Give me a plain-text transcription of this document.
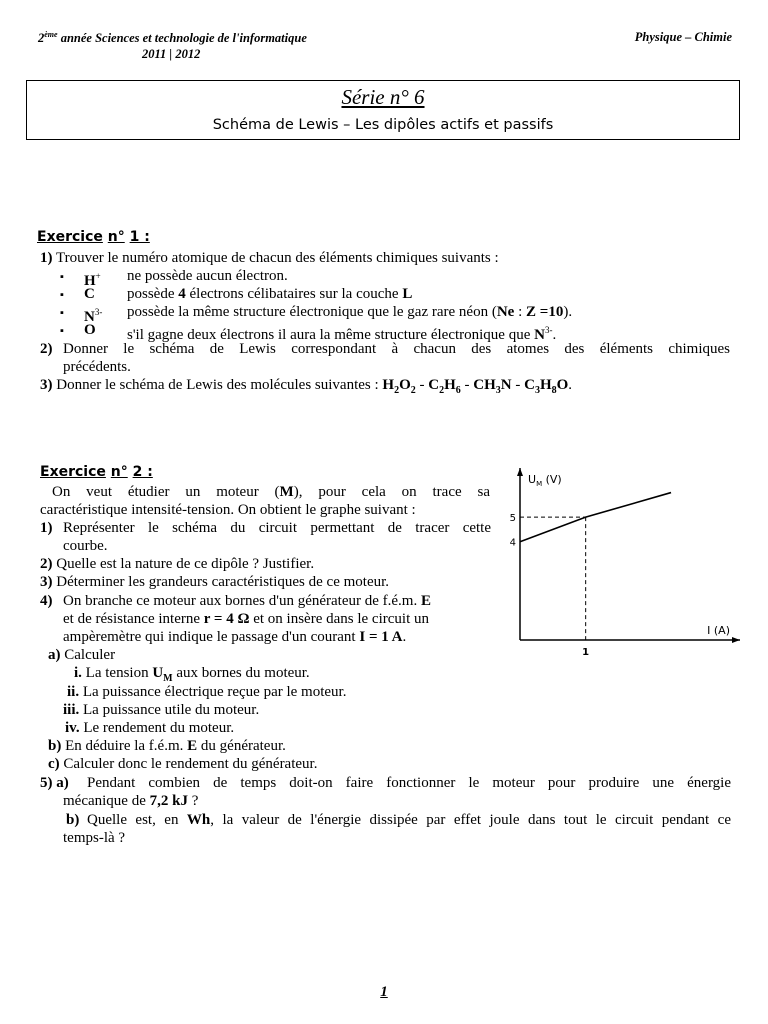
2ème année Sciences et technologie de l'informatique
2011 | 2012
Physique – Chimie
Série n° 6
Schéma de Lewis – Les dipôles actifs et passifs
Exercice n° 1 :
1) Trouver le numéro atomique de chacun des éléments chimiques suivants :
▪ H+ ne possède aucun électron.
▪ C possède 4 électrons célibataires sur la couche L
▪ $N^{3-}$ possède la même structure électronique que le gaz rare néon (Ne : Z =10).
▪ O s'il gagne deux électrons il aura la même structure électronique que $N^{3-}$.
2) Donner le schéma de Lewis correspondant à chacun des atomes des éléments chimiques
précédents.
3) Donner le schéma de Lewis des molécules suivantes : $H_2O_2 - C_2H_6 - CH_3N - C_3H_8O$.
Exercice n° 2 :
On veut étudier un moteur (M), pour cela on trace sa
caractéristique intensité-tension. On obtient le graphe suivant :
1) Représenter le schéma du circuit permettant de tracer cette
courbe.
2) Quelle est la nature de ce dipôle ? Justifier.
3) Déterminer les grandeurs caractéristiques de ce moteur.
4) On branche ce moteur aux bornes d'un générateur de f.é.m. E
et de résistance interne r = 4 Ω et on insère dans le circuit un
ampèremètre qui indique le passage d'un courant I = 1 A.
a) Calculer
i. La tension $U_M$ aux bornes du moteur.
ii. La puissance électrique reçue par le moteur.
iii. La puissance utile du moteur.
iv. Le rendement du moteur.
b) En déduire la f.é.m. E du générateur.
c) Calculer donc le rendement du générateur.
5) a) Pendant combien de temps doit-on faire fonctionner le moteur pour produire une énergie
mécanique de 7,2 kJ ?
b) Quelle est, en Wh, la valeur de l'énergie dissipée par effet joule dans tout le circuit pendant ce
temps-là ?
$U_M$ (V)
I (A)
4
5
1
1
